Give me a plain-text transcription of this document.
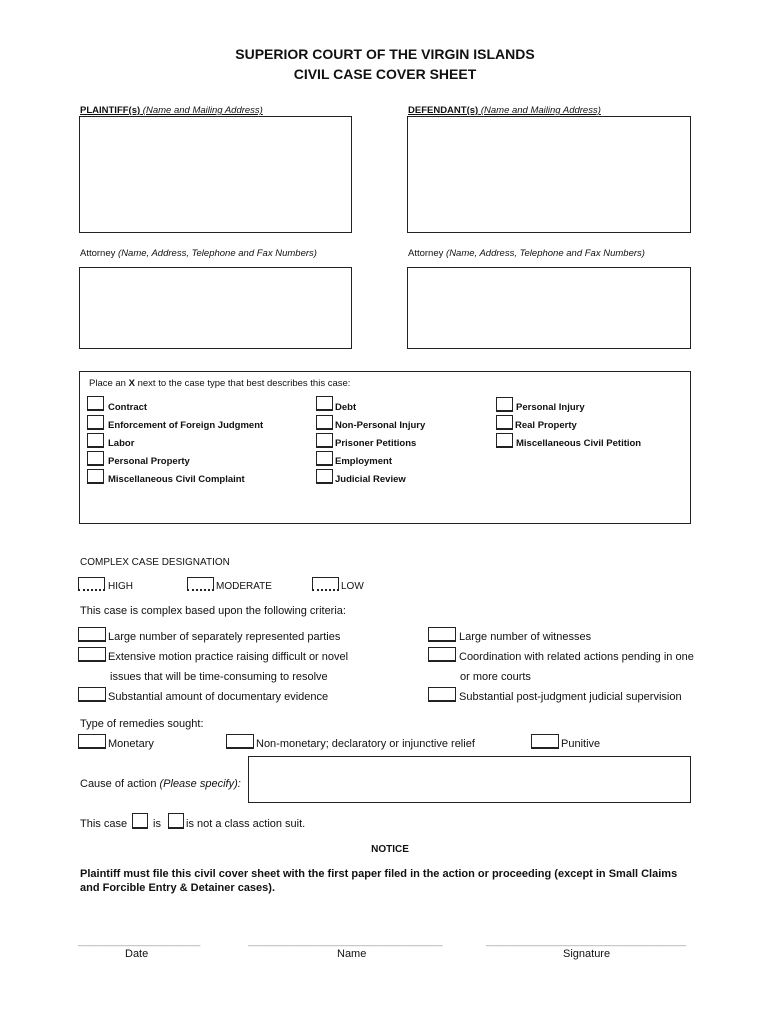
SUPERIOR COURT OF THE VIRGIN ISLANDS
CIVIL CASE COVER SHEET
PLAINTIFF(s) (Name and Mailing Address)	DEFENDANT(s) (Name and Mailing Address)
Attorney (Name, Address, Telephone and Fax Numbers)	Attorney (Name, Address, Telephone and Fax Numbers)
Place an X next to the case type that best describes this case:
Contract
Enforcement of Foreign Judgment
Labor
Personal Property
Miscellaneous Civil Complaint
Debt
Non-Personal Injury
Prisoner Petitions
Employment
Judicial Review
Personal Injury
Real Property
Miscellaneous Civil Petition
COMPLEX CASE DESIGNATION
HIGH	MODERATE	LOW
This case is complex based upon the following criteria:
Large number of separately represented parties
Extensive motion practice raising difficult or novel
issues that will be time-consuming to resolve
Substantial amount of documentary evidence
Large number of witnesses
Coordination with related actions pending in one
or more courts
Substantial post-judgment judicial supervision
Type of remedies sought:
Monetary	Non-monetary; declaratory or injunctive relief	Punitive
Cause of action (Please specify):
This case is is not a class action suit.
NOTICE
Plaintiff must file this civil cover sheet with the first paper filed in the action or proceeding (except in Small Claims
and Forcible Entry & Detainer cases).
______________________	___________________________________	____________________________________
Date	Name	Signature
